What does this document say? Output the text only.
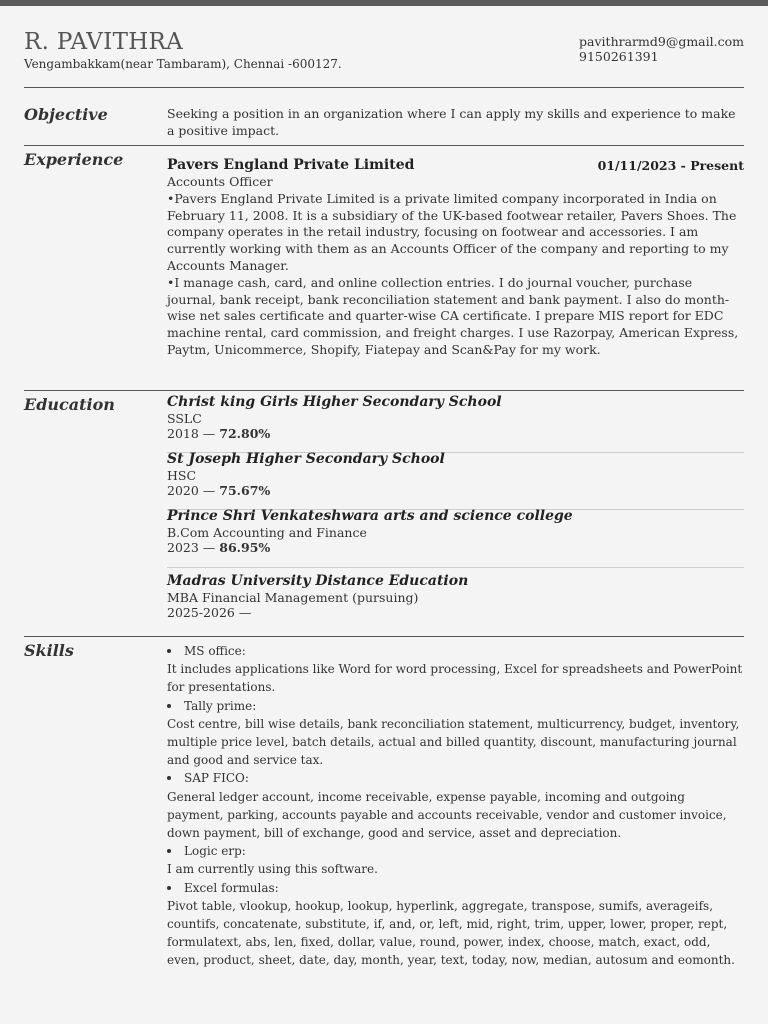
R. PAVITHRA
Vengambakkam(near Tambaram), Chennai -600127.
pavithrarmd9@gmail.com
9150261391
Objective	Seeking a position in an organization where I can apply my skills and experience to make a positive impact.
Experience	Pavers England Private Limited	01/11/2023 - Present
Accounts Officer
•Pavers England Private Limited is a private limited company incorporated in India on February 11, 2008. It is a subsidiary of the UK-based footwear retailer, Pavers Shoes. The company operates in the retail industry, focusing on footwear and accessories. I am currently working with them as an Accounts Officer of the company and reporting to my Accounts Manager.
•I manage cash, card, and online collection entries. I do journal voucher, purchase journal, bank receipt, bank reconciliation statement and bank payment. I also do month-wise net sales certificate and quarter-wise CA certificate. I prepare MIS report for EDC machine rental, card commission, and freight charges. I use Razorpay, American Express, Paytm, Unicommerce, Shopify, Fiatepay and Scan&Pay for my work.
Education	Christ king Girls Higher Secondary School
SSLC
2018 — 72.80%
St Joseph Higher Secondary School
HSC
2020 — 75.67%
Prince Shri Venkateshwara arts and science college
B.Com Accounting and Finance
2023 — 86.95%
Madras University Distance Education
MBA Financial Management (pursuing)
2025-2026 —
Skills	MS office:
It includes applications like Word for word processing, Excel for spreadsheets and PowerPoint for presentations.
Tally prime:
Cost centre, bill wise details, bank reconciliation statement, multicurrency, budget, inventory, multiple price level, batch details, actual and billed quantity, discount, manufacturing journal and good and service tax.
SAP FICO:
General ledger account, income receivable, expense payable, incoming and outgoing payment, parking, accounts payable and accounts receivable, vendor and customer invoice, down payment, bill of exchange, good and service, asset and depreciation.
Logic erp:
I am currently using this software.
Excel formulas:
Pivot table, vlookup, hookup, lookup, hyperlink, aggregate, transpose, sumifs, averageifs, countifs, concatenate, substitute, if, and, or, left, mid, right, trim, upper, lower, proper, rept, formulatext, abs, len, fixed, dollar, value, round, power, index, choose, match, exact, odd, even, product, sheet, date, day, month, year, text, today, now, median, autosum and eomonth.
